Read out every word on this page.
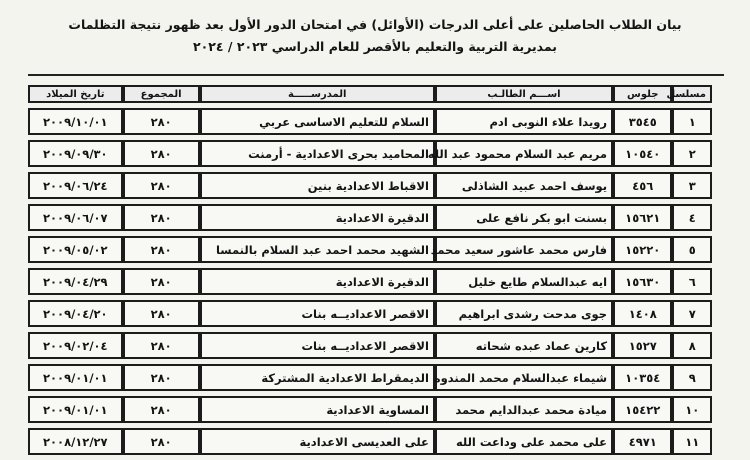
بيان الطلاب الحاصلين على أعلى الدرجات (الأوائل) في امتحان الدور الأول بعد ظهور نتيجة التظلمات
بمديرية التربية والتعليم بالأقصر للعام الدراسي ٢٠٢٣ / ٢٠٢٤
مسلسل	جلوس	اســـم الطالـب	المدرســـــة	المجموع	تاريخ الميلاد
١	٣٥٤٥	رويدا علاء النوبى ادم	السلام للتعليم الاساسى عربي	٢٨٠	٢٠٠٩/١٠/٠١
٢	١٠٥٤٠	مريم عبد السلام محمود عبد الله	المحاميد بحرى الاعدادية - أرمنت	٢٨٠	٢٠٠٩/٠٩/٣٠
٣	٤٥٦	يوسف احمد عبيد الشاذلى	الاقباط الاعدادية بنين	٢٨٠	٢٠٠٩/٠٦/٢٤
٤	١٥٦٢١	بسنت ابو بكر نافع على	الدقيرة الاعدادية	٢٨٠	٢٠٠٩/٠٦/٠٧
٥	١٥٢٢٠	فارس محمد عاشور سعيد محمد	الشهيد محمد احمد عبد السلام بالنمسا	٢٨٠	٢٠٠٩/٠٥/٠٢
٦	١٥٦٣٠	ايه عبدالسلام طايع خليل	الدقيرة الاعدادية	٢٨٠	٢٠٠٩/٠٤/٢٩
٧	١٤٠٨	جوى مدحت رشدى ابراهيم	الاقصر الاعداديــه بنات	٢٨٠	٢٠٠٩/٠٤/٢٠
٨	١٥٢٧	كارين عماد عبده شحاته	الاقصر الاعداديــه بنات	٢٨٠	٢٠٠٩/٠٢/٠٤
٩	١٠٣٥٤	شيماء عبدالسلام محمد المندوه	الديمقراط الاعدادية المشتركة	٢٨٠	٢٠٠٩/٠١/٠١
١٠	١٥٤٢٢	ميادة محمد عبدالدايم محمد	المساوية الاعدادية	٢٨٠	٢٠٠٩/٠١/٠١
١١	٤٩٧١	على محمد على وداعت الله	على العديسى الاعدادية	٢٨٠	٢٠٠٨/١٢/٢٧
